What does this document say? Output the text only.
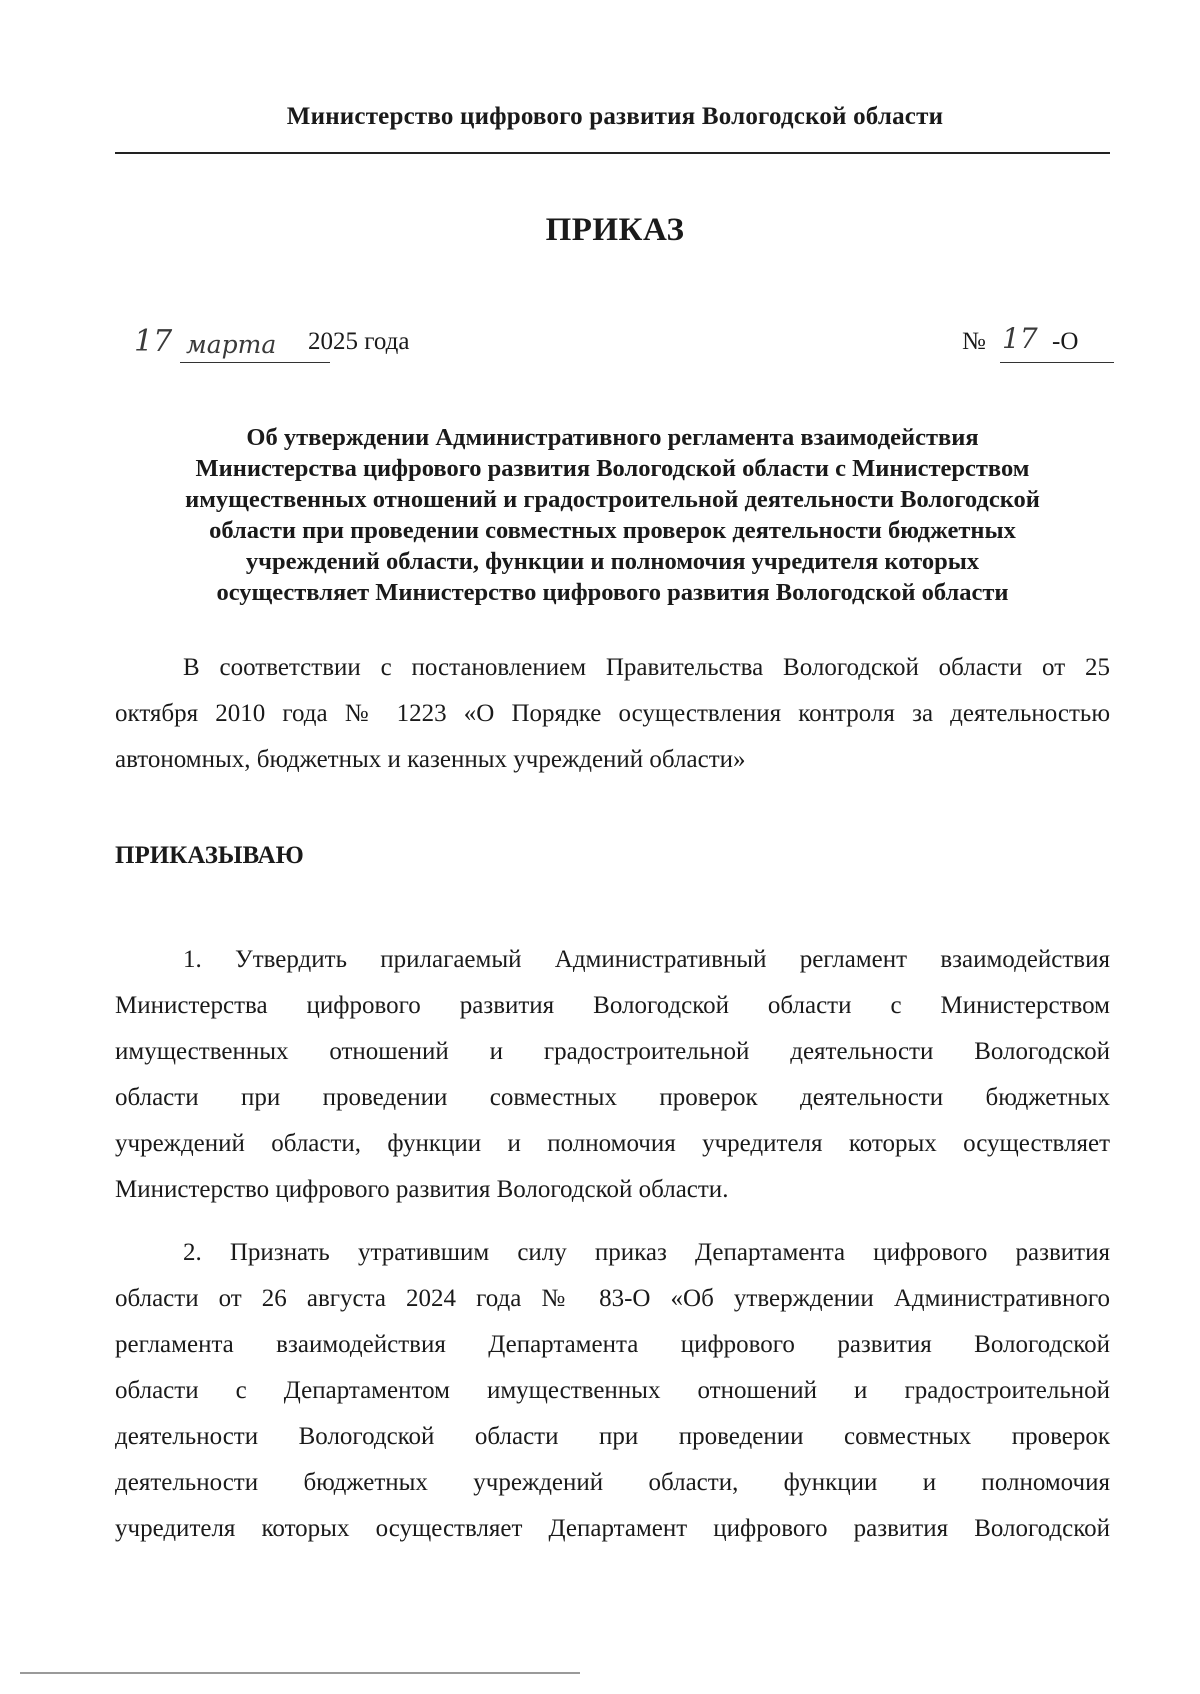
Министерство цифрового развития Вологодской области
ПРИКАЗ
17 марта 2025 года	№ 17 -О
Об утверждении Административного регламента взаимодействия
Министерства цифрового развития Вологодской области с Министерством
имущественных отношений и градостроительной деятельности Вологодской
области при проведении совместных проверок деятельности бюджетных
учреждений области, функции и полномочия учредителя которых
осуществляет Министерство цифрового развития Вологодской области
В соответствии с постановлением Правительства Вологодской области от 25
октября 2010 года № 1223 «О Порядке осуществления контроля за деятельностью
автономных, бюджетных и казенных учреждений области»
ПРИКАЗЫВАЮ
1. Утвердить прилагаемый Административный регламент взаимодействия
Министерства цифрового развития Вологодской области с Министерством
имущественных отношений и градостроительной деятельности Вологодской
области при проведении совместных проверок деятельности бюджетных
учреждений области, функции и полномочия учредителя которых осуществляет
Министерство цифрового развития Вологодской области.
2. Признать утратившим силу приказ Департамента цифрового развития
области от 26 августа 2024 года № 83-О «Об утверждении Административного
регламента взаимодействия Департамента цифрового развития Вологодской
области с Департаментом имущественных отношений и градостроительной
деятельности Вологодской области при проведении совместных проверок
деятельности бюджетных учреждений области, функции и полномочия
учредителя которых осуществляет Департамент цифрового развития Вологодской
